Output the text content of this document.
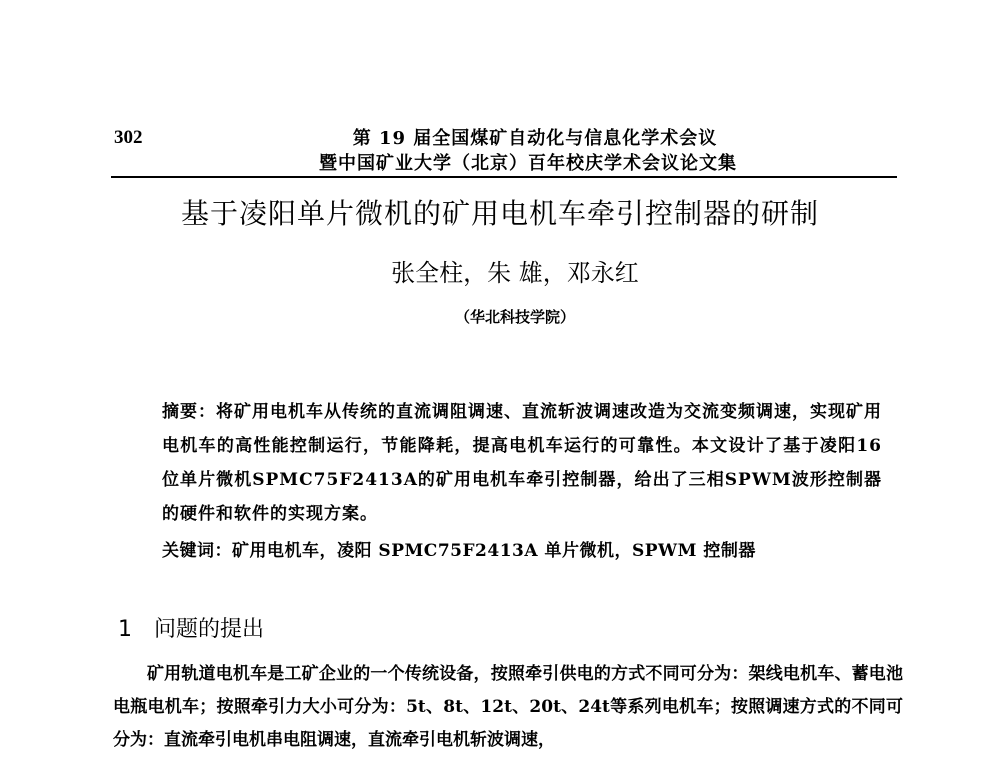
302	第 19 届全国煤矿自动化与信息化学术会议
暨中国矿业大学（北京）百年校庆学术会议论文集
基于凌阳单片微机的矿用电机车牵引控制器的研制
张全柱，朱 雄，邓永红
（华北科技学院）

摘要：将矿用电机车从传统的直流调阻调速、直流斩波调速改造为交流变频调速，实现矿用电机车的高性能控制运行，节能降耗，提高电机车运行的可靠性。本文设计了基于凌阳16位单片微机SPMC75F2413A的矿用电机车牵引控制器，给出了三相SPWM波形控制器的硬件和软件的实现方案。

关键词：矿用电机车，凌阳 SPMC75F2413A 单片微机，SPWM 控制器
1 问题的提出

矿用轨道电机车是工矿企业的一个传统设备，按照牵引供电的方式不同可分为：架线电机车、蓄电池电瓶电机车；按照牵引力大小可分为：5t、8t、12t、20t、24t等系列电机车；按照调速方式的不同可分为：直流牵引电机串电阻调速，直流牵引电机斩波调速，
